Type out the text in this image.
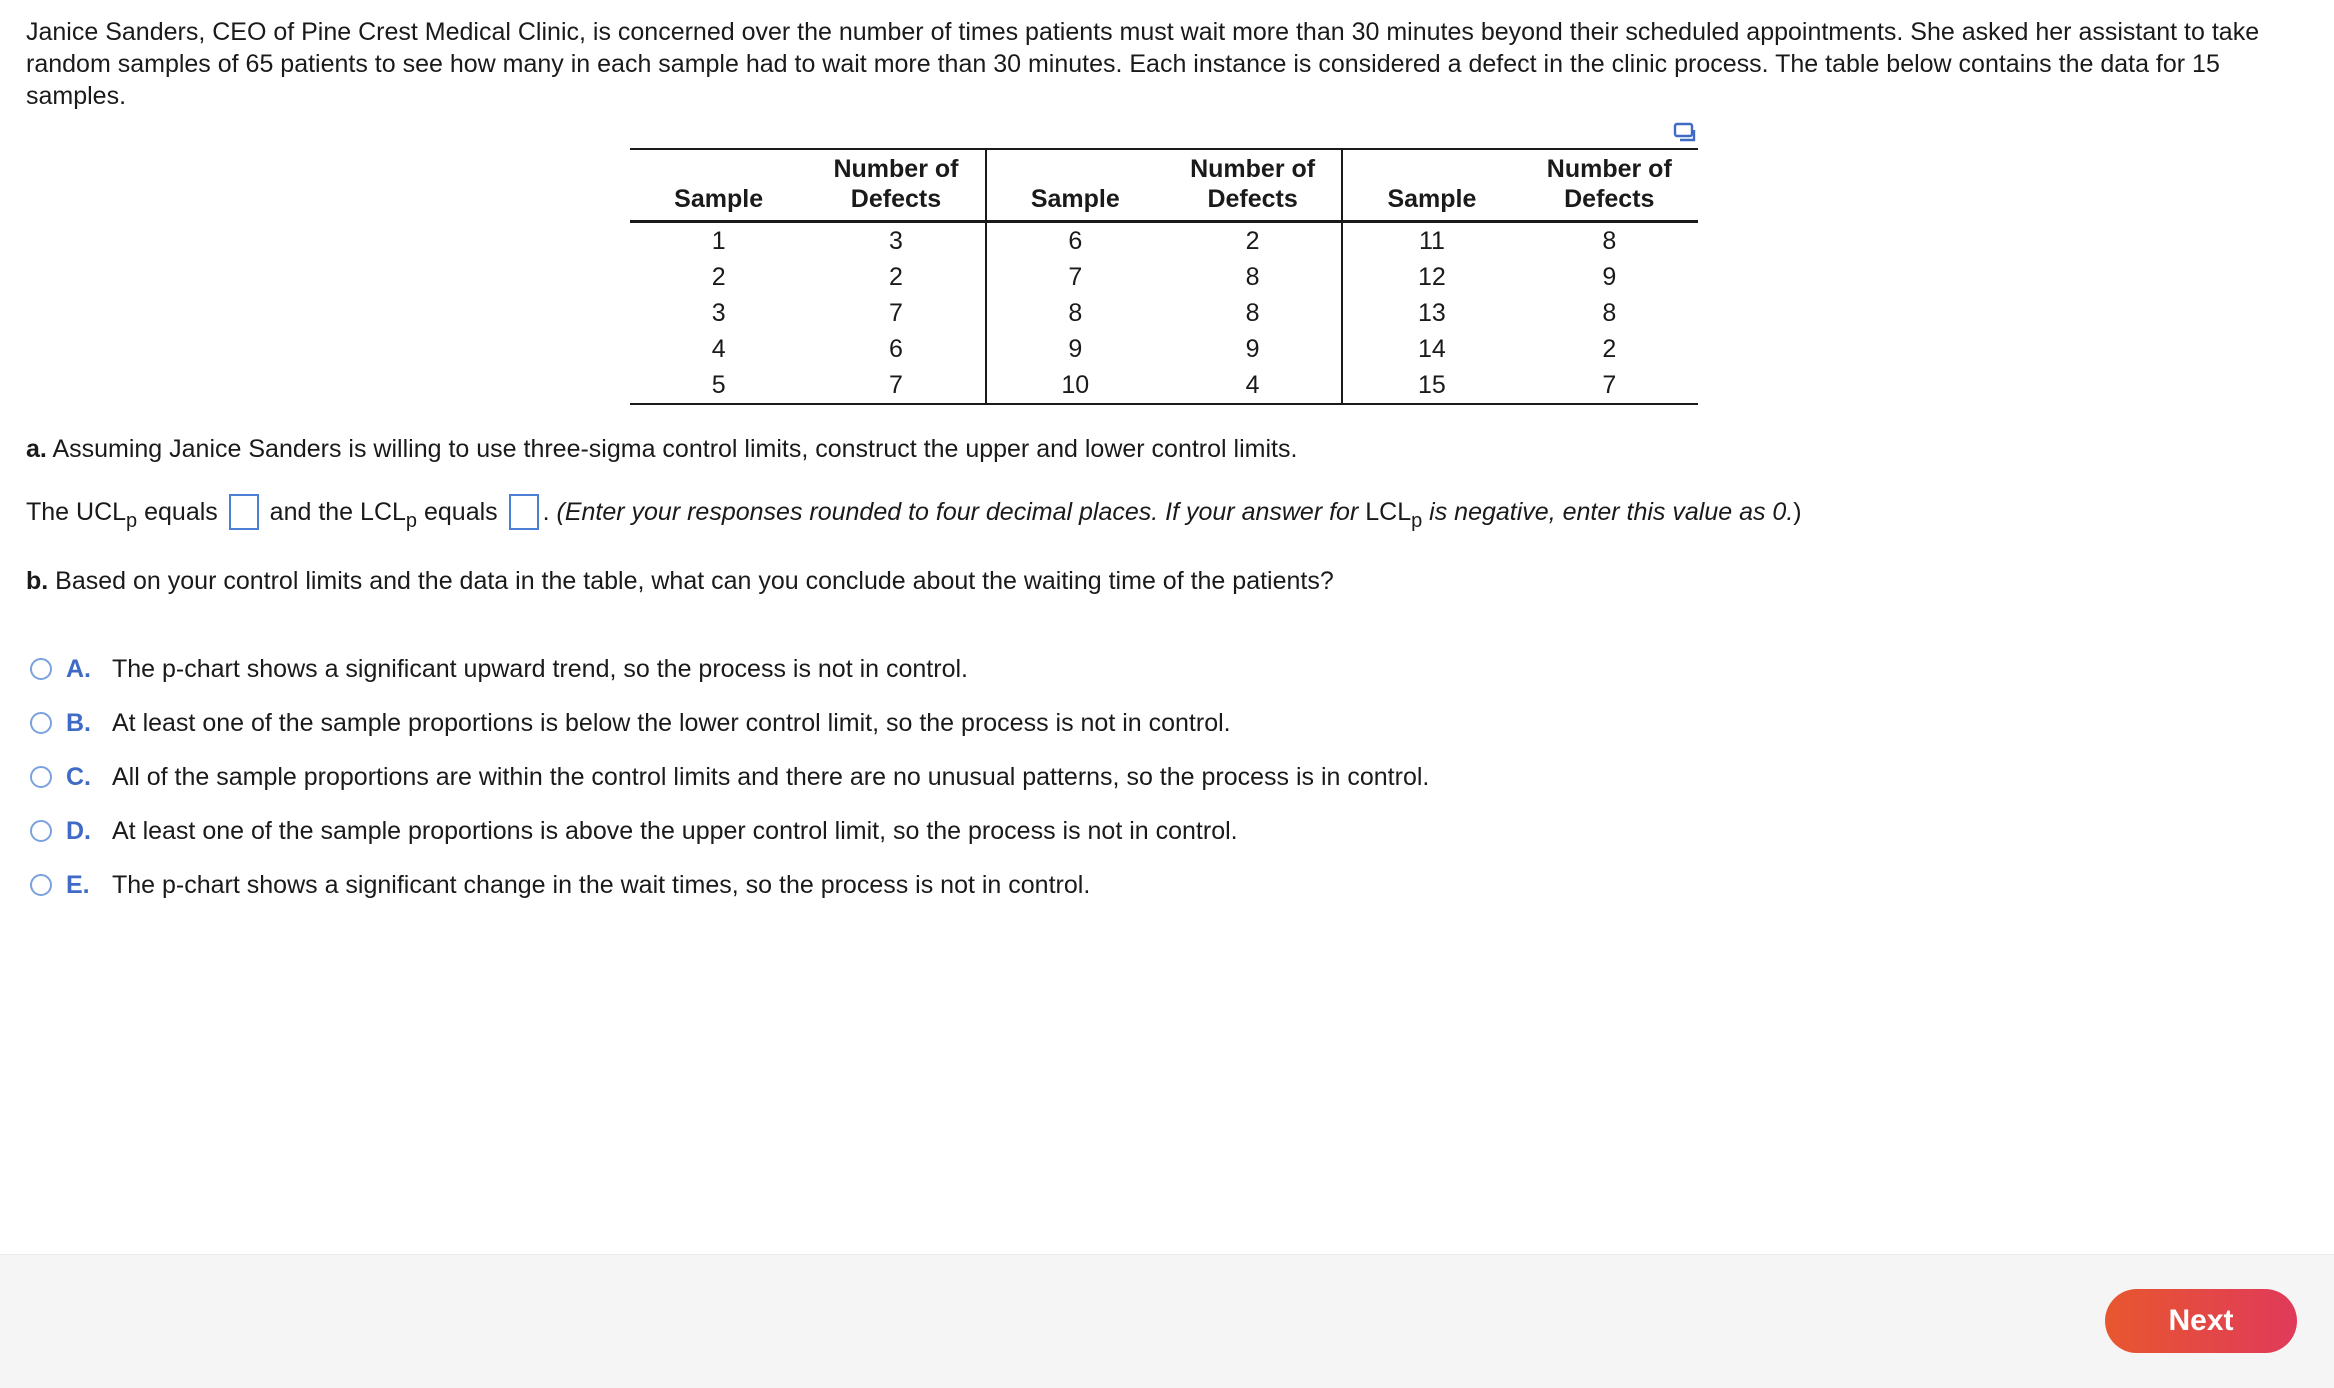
Janice Sanders, CEO of Pine Crest Medical Clinic, is concerned over the number of times patients must wait more than 30 minutes beyond their scheduled appointments. She asked her assistant to take random samples of 65 patients to see how many in each sample had to wait more than 30 minutes. Each instance is considered a defect in the clinic process. The table below contains the data for 15 samples.

Sample	Number of Defects	Sample	Number of Defects	Sample	Number of Defects
1	3	6	2	11	8
2	2	7	8	12	9
3	7	8	8	13	8
4	6	9	9	14	2
5	7	10	4	15	7

a. Assuming Janice Sanders is willing to use three-sigma control limits, construct the upper and lower control limits.

The $UCL_p$ equals  and the $LCL_p$ equals . (Enter your responses rounded to four decimal places. If your answer for $LCL_p$ is negative, enter this value as 0.)

b. Based on your control limits and the data in the table, what can you conclude about the waiting time of the patients?

A. The p-chart shows a significant upward trend, so the process is not in control.
B. At least one of the sample proportions is below the lower control limit, so the process is not in control.
C. All of the sample proportions are within the control limits and there are no unusual patterns, so the process is in control.
D. At least one of the sample proportions is above the upper control limit, so the process is not in control.
E. The p-chart shows a significant change in the wait times, so the process is not in control.
Next
